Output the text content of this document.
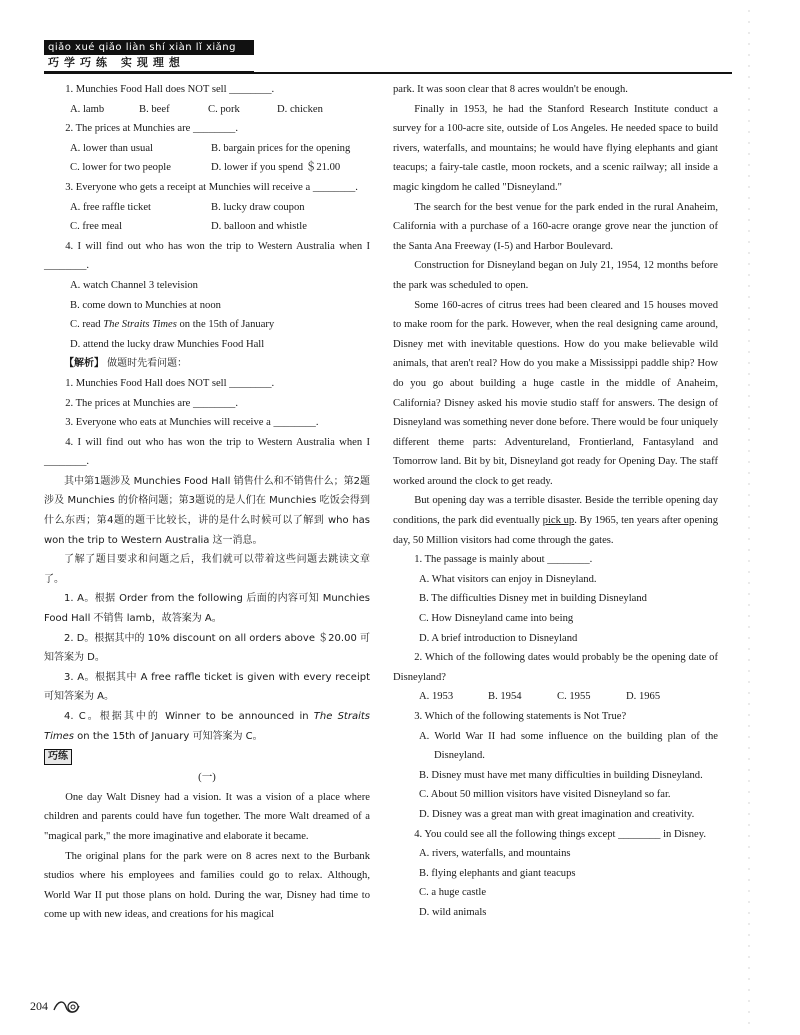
qiǎo xué qiǎo liàn shí xiàn lǐ xiǎng
巧学巧练 实现理想

1. Munchies Food Hall does NOT sell ________.

A. lamb	B. beef	C. pork	D. chicken

2. The prices at Munchies are ________.

A. lower than usual	B. bargain prices for the opening
C. lower for two people	D. lower if you spend ＄21.00

3. Everyone who gets a receipt at Munchies will receive a ________.

A. free raffle ticket	B. lucky draw coupon
C. free meal	D. balloon and whistle

4. I will find out who has won the trip to Western Australia when I ________.

A. watch Channel 3 television

B. come down to Munchies at noon

C. read The Straits Times on the 15th of January

D. attend the lucky draw Munchies Food Hall

【解析】 做题时先看问题：

1. Munchies Food Hall does NOT sell ________.

2. The prices at Munchies are ________.

3. Everyone who eats at Munchies will receive a ________.

4. I will find out who has won the trip to Western Australia when I ________.

其中第1题涉及 Munchies Food Hall 销售什么和不销售什么；第2题涉及 Munchies 的价格问题；第3题说的是人们在 Munchies 吃饭会得到什么东西；第4题的题干比较长，讲的是什么时候可以了解到 who has won the trip to Western Australia 这一消息。

了解了题目要求和问题之后，我们就可以带着这些问题去跳读文章了。

1. A。根据 Order from the following 后面的内容可知 Munchies Food Hall 不销售 lamb，故答案为 A。

2. D。根据其中的 10% discount on all orders above ＄20.00 可知答案为 D。

3. A。根据其中 A free raffle ticket is given with every receipt 可知答案为 A。

4. C。根据其中的 Winner to be announced in The Straits Times on the 15th of January 可知答案为 C。

巧练

(一)

One day Walt Disney had a vision. It was a vision of a place where children and parents could have fun together. The more Walt dreamed of a "magical park," the more imaginative and elaborate it became.

The original plans for the park were on 8 acres next to the Burbank studios where his employees and families could go to relax. Although, World War II put those plans on hold. During the war, Disney had time to come up with new ideas, and creations for his magical

park. It was soon clear that 8 acres wouldn't be enough.

Finally in 1953, he had the Stanford Research Institute conduct a survey for a 100-acre site, outside of Los Angeles. He needed space to build rivers, waterfalls, and mountains; he would have flying elephants and giant teacups; a fairy-tale castle, moon rockets, and a scenic railway; all inside a magic kingdom he called "Disneyland."

The search for the best venue for the park ended in the rural Anaheim, California with a purchase of a 160-acre orange grove near the junction of the Santa Ana Freeway (I-5) and Harbor Boulevard.

Construction for Disneyland began on July 21, 1954, 12 months before the park was scheduled to open.

Some 160-acres of citrus trees had been cleared and 15 houses moved to make room for the park. However, when the real designing came around, Disney met with inevitable questions. How do you make believable wild animals, that aren't real? How do you make a Mississippi paddle ship? How do you go about building a huge castle in the middle of Anaheim, California? Disney asked his movie studio staff for answers. The design of Disneyland was something never done before. There would be four uniquely different theme parts: Adventureland, Frontierland, Fantasyland and Tomorrow land. Bit by bit, Disneyland got ready for Opening Day. The staff worked around the clock to get ready.

But opening day was a terrible disaster. Beside the terrible opening day conditions, the park did eventually pick up. By 1965, ten years after opening day, 50 Million visitors had come through the gates.

1. The passage is mainly about ________.

A. What visitors can enjoy in Disneyland.

B. The difficulties Disney met in building Disneyland

C. How Disneyland came into being

D. A brief introduction to Disneyland

2. Which of the following dates would probably be the opening date of Disneyland?

A. 1953	B. 1954	C. 1955	D. 1965

3. Which of the following statements is Not True?

A. World War II had some influence on the building plan of the Disneyland.

B. Disney must have met many difficulties in building Disneyland.

C. About 50 million visitors have visited Disneyland so far.

D. Disney was a great man with great imagination and creativity.

4. You could see all the following things except ________ in Disney.

A. rivers, waterfalls, and mountains

B. flying elephants and giant teacups

C. a huge castle

D. wild animals

204
